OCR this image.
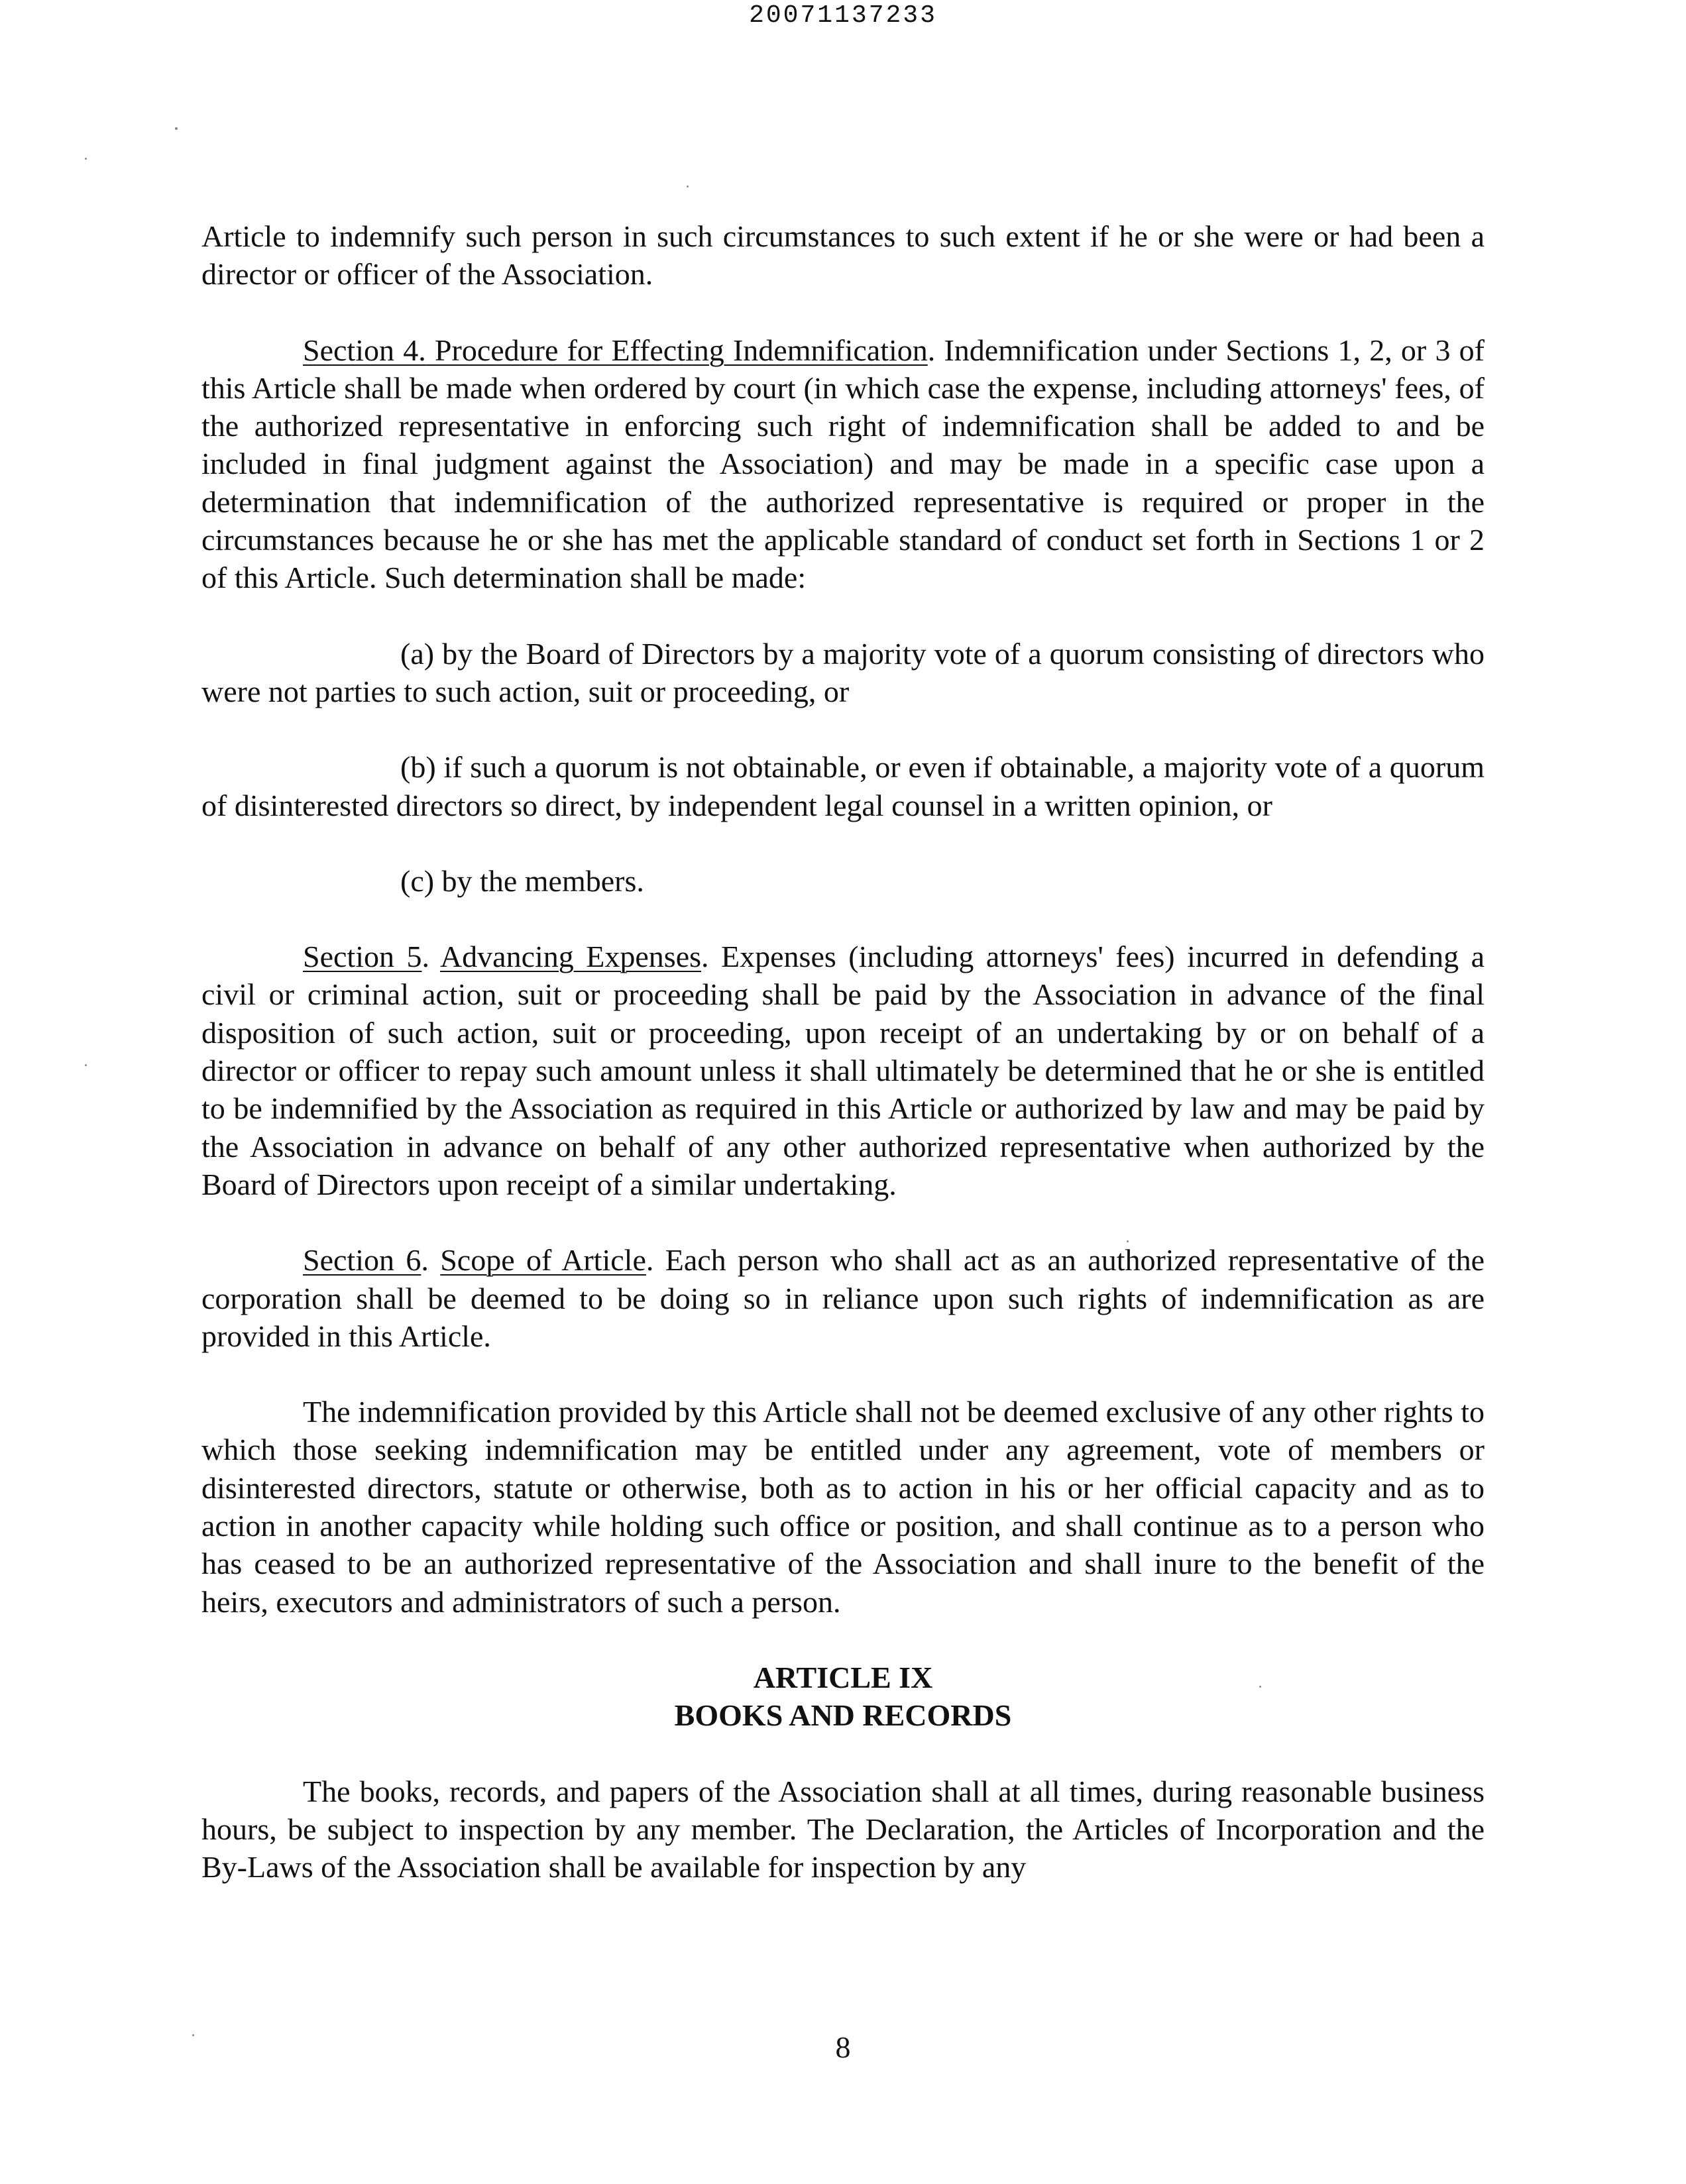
20071137233

Article to indemnify such person in such circumstances to such extent if he or she were or had been a director or officer of the Association.

Section 4. Procedure for Effecting Indemnification. Indemnification under Sections 1, 2, or 3 of this Article shall be made when ordered by court (in which case the expense, including attorneys' fees, of the authorized representative in enforcing such right of indemnification shall be added to and be included in final judgment against the Association) and may be made in a specific case upon a determination that indemnification of the authorized representative is required or proper in the circumstances because he or she has met the applicable standard of conduct set forth in Sections 1 or 2 of this Article. Such determination shall be made:

(a) by the Board of Directors by a majority vote of a quorum consisting of directors who were not parties to such action, suit or proceeding, or

(b) if such a quorum is not obtainable, or even if obtainable, a majority vote of a quorum of disinterested directors so direct, by independent legal counsel in a written opinion, or

(c) by the members.

Section 5. Advancing Expenses. Expenses (including attorneys' fees) incurred in defending a civil or criminal action, suit or proceeding shall be paid by the Association in advance of the final disposition of such action, suit or proceeding, upon receipt of an undertaking by or on behalf of a director or officer to repay such amount unless it shall ultimately be determined that he or she is entitled to be indemnified by the Association as required in this Article or authorized by law and may be paid by the Association in advance on behalf of any other authorized representative when authorized by the Board of Directors upon receipt of a similar undertaking.

Section 6. Scope of Article. Each person who shall act as an authorized representative of the corporation shall be deemed to be doing so in reliance upon such rights of indemnification as are provided in this Article.

The indemnification provided by this Article shall not be deemed exclusive of any other rights to which those seeking indemnification may be entitled under any agreement, vote of members or disinterested directors, statute or otherwise, both as to action in his or her official capacity and as to action in another capacity while holding such office or position, and shall continue as to a person who has ceased to be an authorized representative of the Association and shall inure to the benefit of the heirs, executors and administrators of such a person.

ARTICLE IX

BOOKS AND RECORDS

The books, records, and papers of the Association shall at all times, during reasonable business hours, be subject to inspection by any member. The Declaration, the Articles of Incorporation and the By-Laws of the Association shall be available for inspection by any

8
